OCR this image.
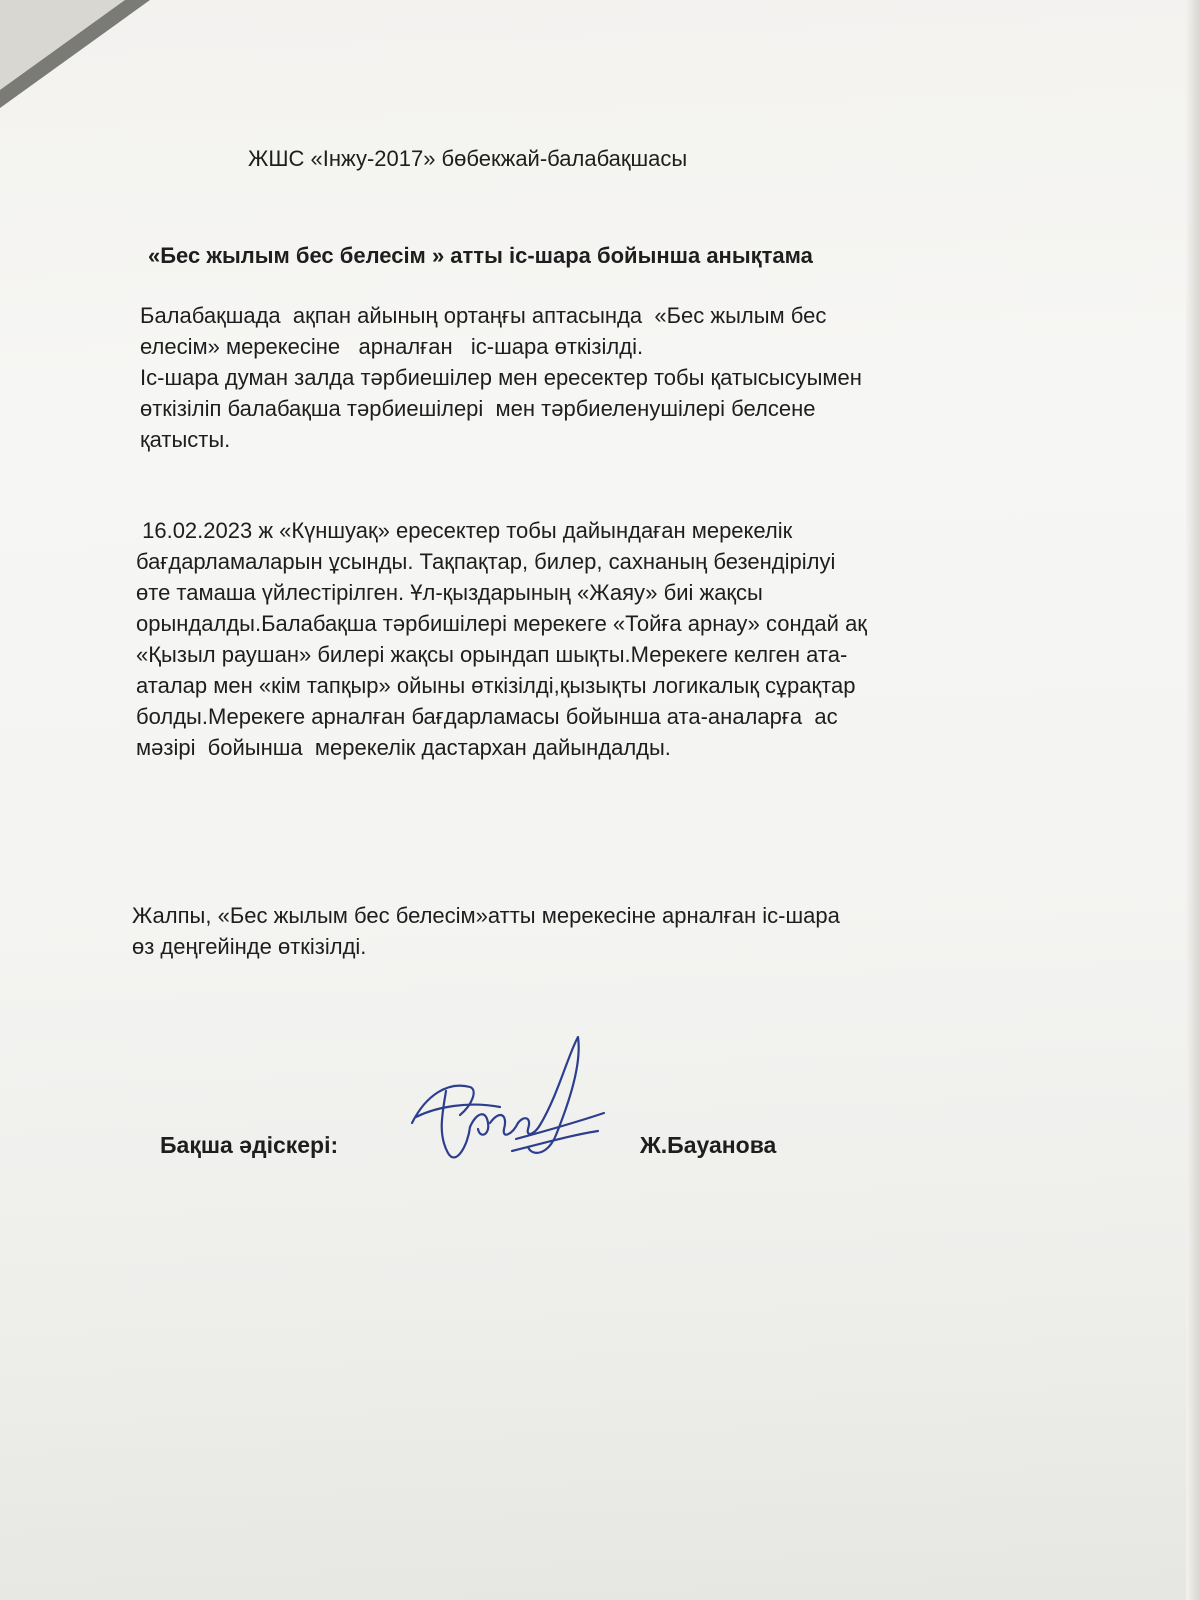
ЖШС «Інжу-2017» бөбекжай-балабақшасы
«Бес жылым бес белесім » атты іс-шара бойынша анықтама

Балабақшада  ақпан айының ортаңғы аптасында  «Бес жылым бес

елесім» мерекесіне   арналған   іс-шара өткізілді.

Іс-шара думан залда тәрбиешілер мен ересектер тобы қатысысуымен

өткізіліп балабақша тәрбиешілері  мен тәрбиеленушілері белсене

қатысты.

16.02.2023 ж «Күншуақ» ересектер тобы дайындаған мерекелік

бағдарламаларын ұсынды. Тақпақтар, билер, сахнаның безендірілуі

өте тамаша үйлестірілген. Ұл-қыздарының «Жаяу» биі жақсы

орындалды.Балабақша тәрбишілері мерекеге «Тойға арнау» сондай ақ

«Қызыл раушан» билері жақсы орындап шықты.Мерекеге келген ата-

аталар мен «кім тапқыр» ойыны өткізілді,қызықты логикалық сұрақтар

болды.Мерекеге арналған бағдарламасы бойынша ата-аналарға  ас

мәзірі  бойынша  мерекелік дастархан дайындалды.

Жалпы, «Бес жылым бес белесім»атты мерекесіне арналған іс-шара

өз деңгейінде өткізілді.

Бақша әдіскері:	Ж.Бауанова
